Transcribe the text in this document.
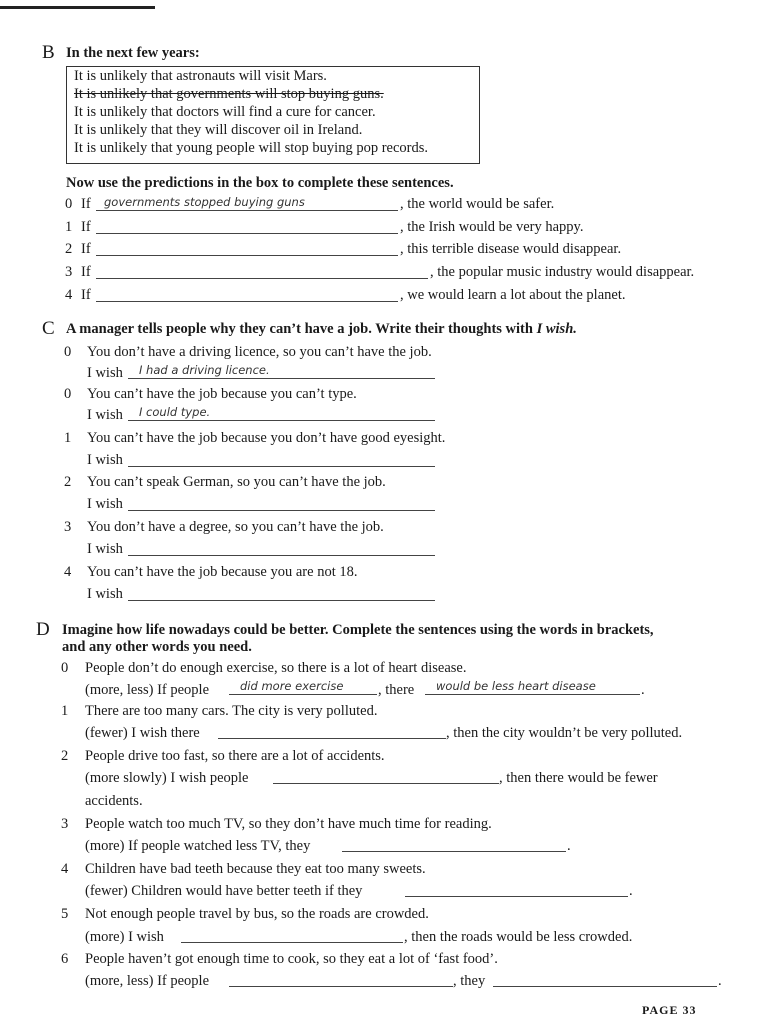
B In the next few years:
It is unlikely that astronauts will visit Mars.
It is unlikely that governments will stop buying guns.
It is unlikely that doctors will find a cure for cancer.
It is unlikely that they will discover oil in Ireland.
It is unlikely that young people will stop buying pop records.
Now use the predictions in the box to complete these sentences.
0 If governments stopped buying guns	, the world would be safer.
1 If	, the Irish would be very happy.
2 If	, this terrible disease would disappear.
3 If	, the popular music industry would disappear.
4 If	, we would learn a lot about the planet.
C A manager tells people why they can’t have a job. Write their thoughts with I wish.
0 You don’t have a driving licence, so you can’t have the job.
I wish I had a driving licence.
0 You can’t have the job because you can’t type.
I wish I could type.
1 You can’t have the job because you don’t have good eyesight.
I wish
2 You can’t speak German, so you can’t have the job.
I wish
3 You don’t have a degree, so you can’t have the job.
I wish
4 You can’t have the job because you are not 18.
I wish
D Imagine how life nowadays could be better. Complete the sentences using the words in brackets,
and any other words you need.
0 People don’t do enough exercise, so there is a lot of heart disease.
(more, less) If people	did more exercise , there would be less heart disease	.
1 There are too many cars. The city is very polluted.
(fewer) I wish there	, then the city wouldn’t be very polluted.
2 People drive too fast, so there are a lot of accidents.
(more slowly) I wish people	, then there would be fewer
accidents.
3 People watch too much TV, so they don’t have much time for reading.
(more) If people watched less TV, they	.
4 Children have bad teeth because they eat too many sweets.
(fewer) Children would have better teeth if they	.
5 Not enough people travel by bus, so the roads are crowded.
(more) I wish	, then the roads would be less crowded.
6 People haven’t got enough time to cook, so they eat a lot of ‘fast food’.
(more, less) If people	, they	.
PAGE 33
